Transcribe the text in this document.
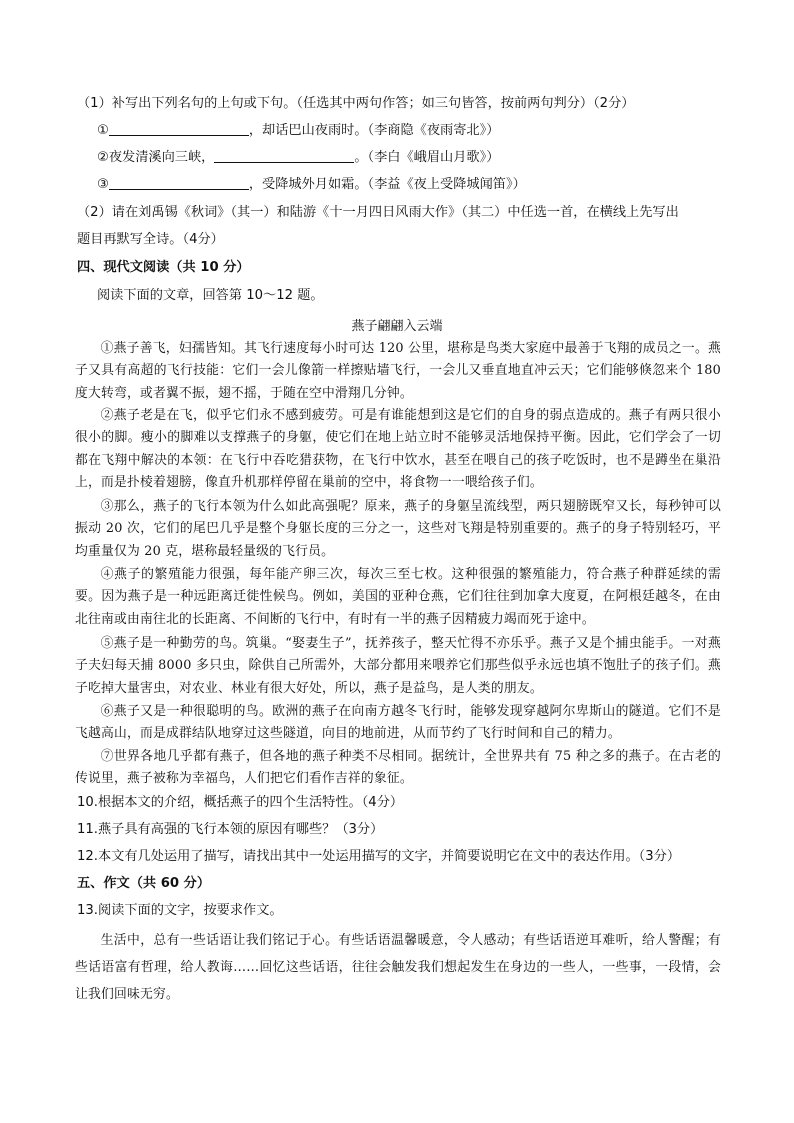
（1）补写出下列名句的上句或下句。（任选其中两句作答；如三句皆答，按前两句判分）（2分）
①	，却话巴山夜雨时。（李商隐《夜雨寄北》）
②夜发清溪向三峡，	。（李白《峨眉山月歌》）
③	，受降城外月如霜。（李益《夜上受降城闻笛》）
（2）请在刘禹锡《秋词》（其一）和陆游《十一月四日风雨大作》（其二）中任选一首，在横线上先写出
题目再默写全诗。（4分）
四、现代文阅读（共 10 分）
阅读下面的文章，回答第 10～12 题。
燕子翩翩入云端
①燕子善飞，妇孺皆知。其飞行速度每小时可达 120 公里，堪称是鸟类大家庭中最善于飞翔的成员之一。燕子又具有高超的飞行技能：它们一会儿像箭一样擦贴墙飞行，一会儿又垂直地直冲云天；它们能够倏忽来个 180 度大转弯，或者翼不振，翅不摇，于随在空中滑翔几分钟。
②燕子老是在飞，似乎它们永不感到疲劳。可是有谁能想到这是它们的自身的弱点造成的。燕子有两只很小很小的脚。瘦小的脚难以支撑燕子的身躯，使它们在地上站立时不能够灵活地保持平衡。因此，它们学会了一切都在飞翔中解决的本领：在飞行中吞吃猎获物，在飞行中饮水，甚至在喂自己的孩子吃饭时，也不是蹲坐在巢沿上，而是扑棱着翅膀，像直升机那样停留在巢前的空中，将食物一一喂给孩子们。
③那么，燕子的飞行本领为什么如此高强呢？原来，燕子的身躯呈流线型，两只翅膀既窄又长，每秒钟可以振动 20 次，它们的尾巴几乎是整个身躯长度的三分之一，这些对飞翔是特别重要的。燕子的身子特别轻巧，平均重量仅为 20 克，堪称最轻量级的飞行员。
④燕子的繁殖能力很强，每年能产卵三次，每次三至七枚。这种很强的繁殖能力，符合燕子种群延续的需要。因为燕子是一种远距离迁徙性候鸟。例如，美国的亚种仓燕，它们往往到加拿大度夏，在阿根廷越冬，在由北往南或由南往北的长距离、不间断的飞行中，有时有一半的燕子因精疲力竭而死于途中。
⑤燕子是一种勤劳的鸟。筑巢。“娶妻生子”，抚养孩子，整天忙得不亦乐乎。燕子又是个捕虫能手。一对燕子夫妇每天捕 8000 多只虫，除供自己所需外，大部分都用来喂养它们那些似乎永远也填不饱肚子的孩子们。燕子吃掉大量害虫，对农业、林业有很大好处，所以，燕子是益鸟，是人类的朋友。
⑥燕子又是一种很聪明的鸟。欧洲的燕子在向南方越冬飞行时，能够发现穿越阿尔卑斯山的隧道。它们不是飞越高山，而是成群结队地穿过这些隧道，向目的地前进，从而节约了飞行时间和自己的精力。
⑦世界各地几乎都有燕子，但各地的燕子种类不尽相同。据统计，全世界共有 75 种之多的燕子。在古老的传说里，燕子被称为幸福鸟，人们把它们看作吉祥的象征。
10.根据本文的介绍，概括燕子的四个生活特性。（4分）
11.燕子具有高强的飞行本领的原因有哪些？（3分）
12.本文有几处运用了描写，请找出其中一处运用描写的文字，并简要说明它在文中的表达作用。（3分）
五、作文（共 60 分）
13.阅读下面的文字，按要求作文。
生活中，总有一些话语让我们铭记于心。有些话语温馨暖意，令人感动；有些话语逆耳难听，给人警醒；有些话语富有哲理，给人教诲……回忆这些话语，往往会触发我们想起发生在身边的一些人，一些事，一段情，会让我们回味无穷。
